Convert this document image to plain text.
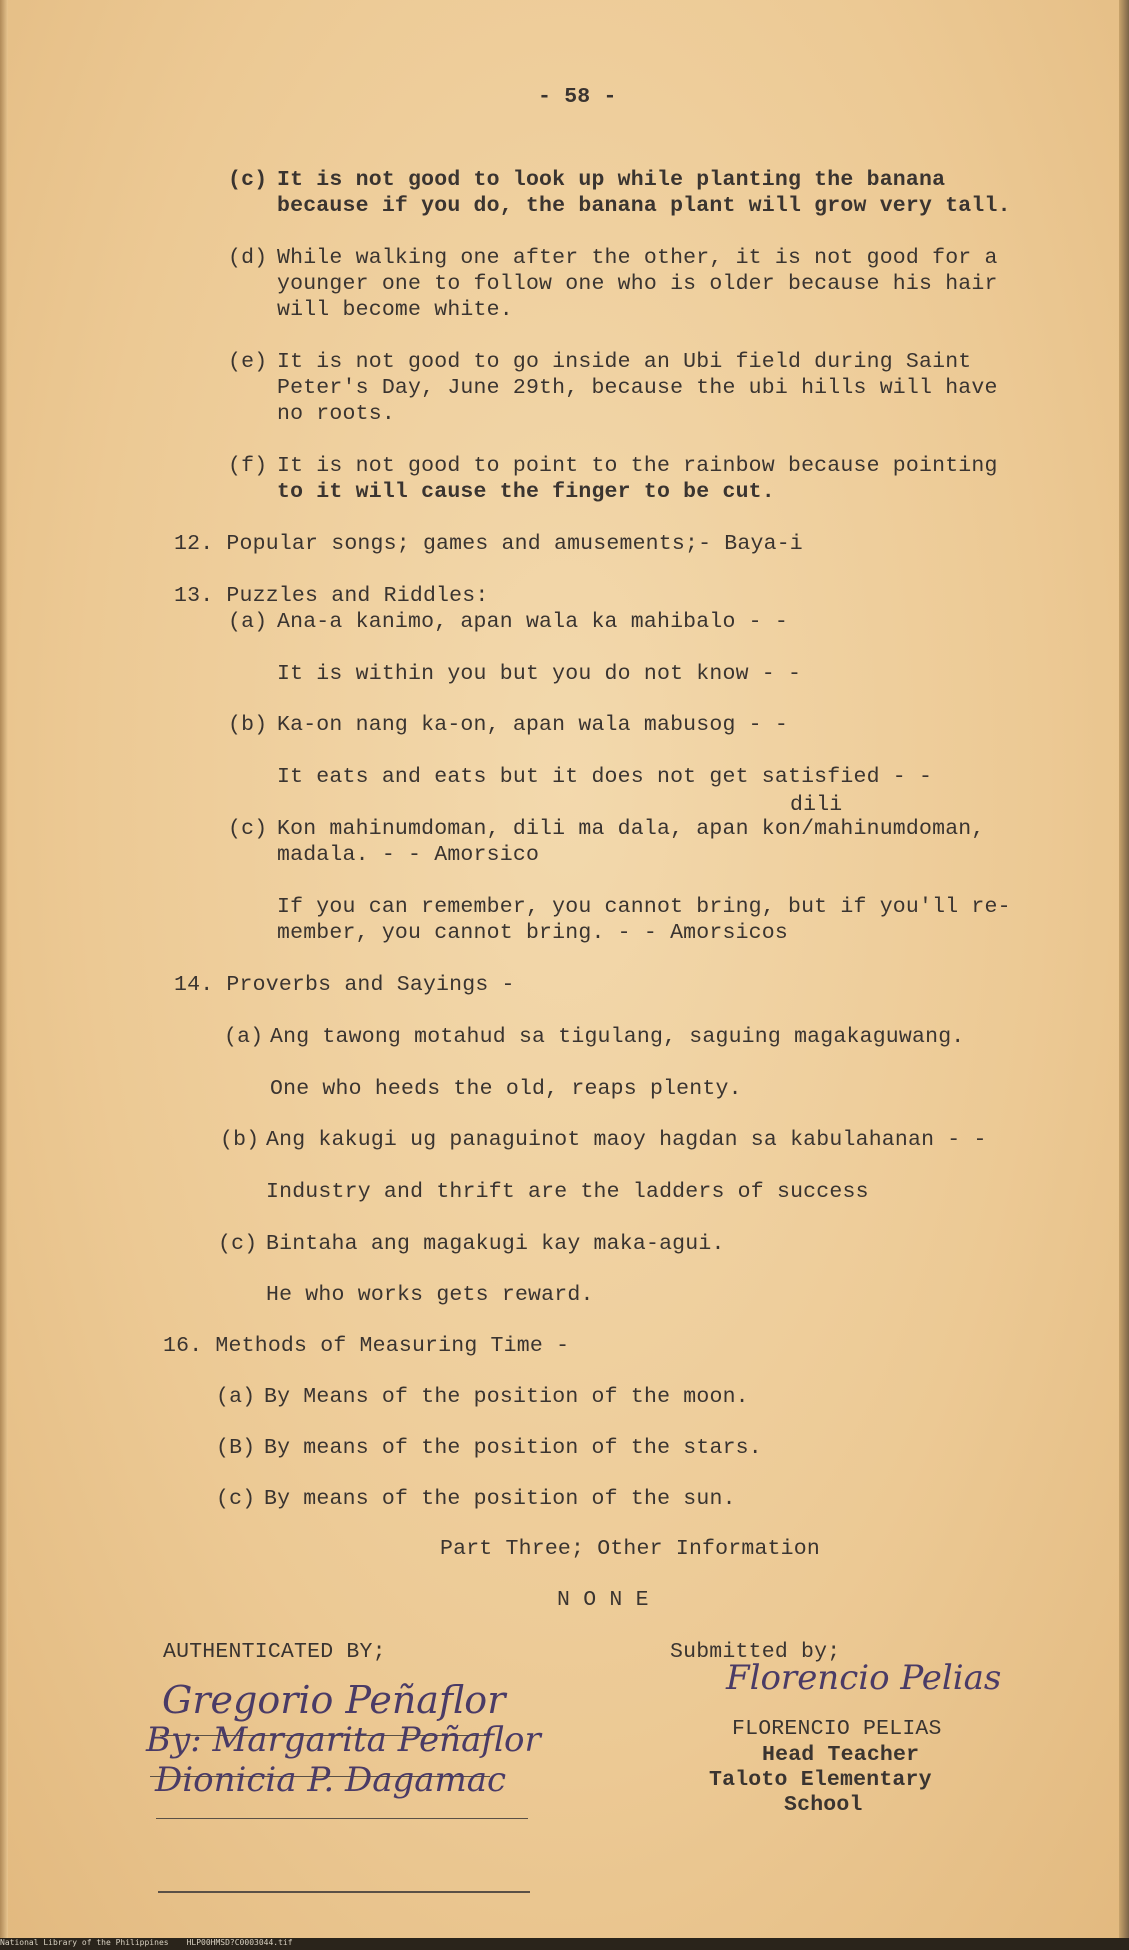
- 58 -
(c) It is not good to look up while planting the banana
because if you do, the banana plant will grow very tall.
(d) While walking one after the other, it is not good for a
younger one to follow one who is older because his hair
will become white.
(e) It is not good to go inside an Ubi field during Saint
Peter's Day, June 29th, because the ubi hills will have
no roots.
(f) It is not good to point to the rainbow because pointing
to it will cause the finger to be cut.
12. Popular songs; games and amusements;- Baya-i
13. Puzzles and Riddles:
(a) Ana-a kanimo, apan wala ka mahibalo - -
It is within you but you do not know - -
(b) Ka-on nang ka-on, apan wala mabusog - -
It eats and eats but it does not get satisfied - -
dili
(c) Kon mahinumdoman, dili ma dala, apan kon/mahinumdoman,
madala. - - Amorsico
If you can remember, you cannot bring, but if you'll re-
member, you cannot bring. - - Amorsicos
14. Proverbs and Sayings -
(a) Ang tawong motahud sa tigulang, saguing magakaguwang.
One who heeds the old, reaps plenty.
(b) Ang kakugi ug panaguinot maoy hagdan sa kabulahanan - -
Industry and thrift are the ladders of success
(c) Bintaha ang magakugi kay maka-agui.
He who works gets reward.
16. Methods of Measuring Time -
(a) By Means of the position of the moon.
(B) By means of the position of the stars.
(c) By means of the position of the sun.
Part Three; Other Information
N O N E
AUTHENTICATED BY;
Gregorio Peñaflor
By: Margarita Peñaflor
Dionicia P. Dagamac
Submitted by;
Florencio Pelias
FLORENCIO PELIAS
Head Teacher
Taloto Elementary
School
National Library of the Philippines HLP00HMSD?C0003044.tif
